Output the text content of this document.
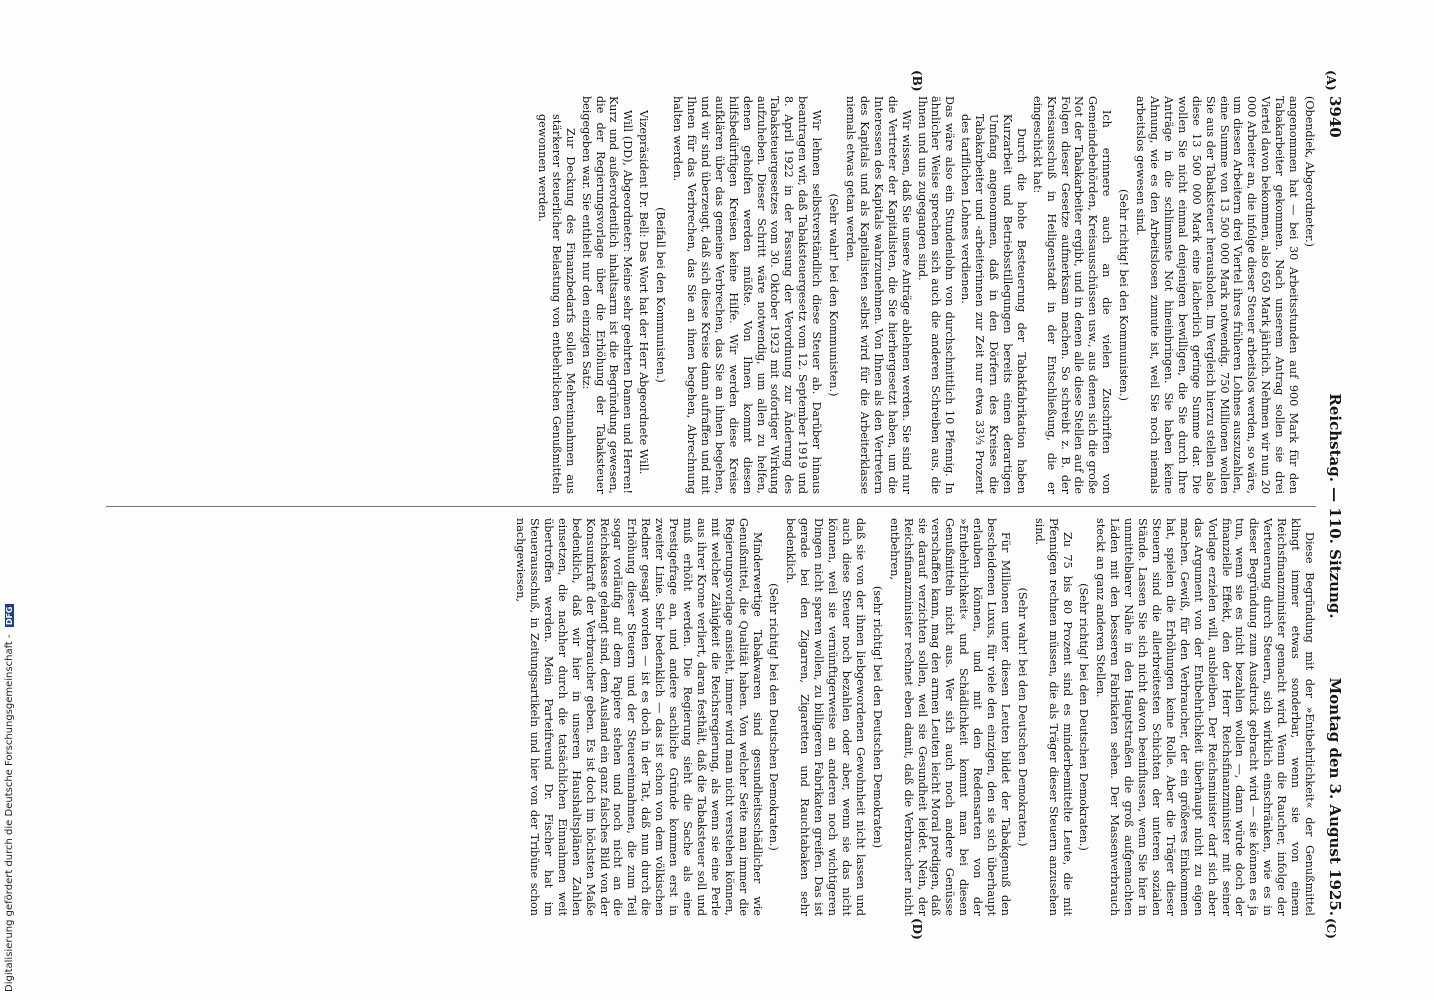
3940
Reichstag. — 110. Sitzung.
Montag den 3. August 1925.
(A)
(B)
(C)
(D)

(Obendiek, Abgeordneter.)

angenommen hat — bei 30 Arbeitsstunden auf 900 Mark für den Tabakarbeiter gekommen. Nach unserem Antrag sollen sie drei Viertel davon bekommen, also 650 Mark jährlich. Nehmen wir nun 20 000 Arbeiter an, die infolge dieser Steuer arbeitslos werden, so wäre, um diesen Arbeitern drei Viertel ihres früheren Lohnes auszuzahlen, eine Summe von 13 500 000 Mark notwendig. 750 Millionen wollen Sie aus der Tabaksteuer herausholen. Im Vergleich hierzu stellen also diese 13 500 000 Mark eine lächerlich geringe Summe dar. Die wollen Sie nicht einmal denjenigen bewilligen, die Sie durch Ihre Anträge in die schlimmste Not hineinbringen. Sie haben keine Ahnung, wie es den Arbeitslosen zumute ist, weil Sie noch niemals arbeitslos gewesen sind.

(Sehr richtig! bei den Kommunisten.)

Ich erinnere auch an die vielen Zuschriften von Gemeindebehörden, Kreisausschüssen usw., aus denen sich die große Not der Tabakarbeiter ergibt, und in denen alle diese Stellen auf die Folgen dieser Gesetze aufmerksam machen. So schreibt z. B. der Kreisausschuß in Heiligenstadt in der Entschließung, die er eingeschickt hat:

Durch die hohe Besteuerung der Tabakfabrikation haben Kurzarbeit und Betriebsstillegungen bereits einen derartigen Umfang angenommen, daß in den Dörfern des Kreises die Tabakarbeiter und -arbeiterinnen zur Zeit nur etwa 33⅓ Prozent des tariflichen Lohnes verdienen.

Das wäre also ein Stundenlohn von durchschnittlich 10 Pfennig. In ähnlicher Weise sprechen sich auch die anderen Schreiben aus, die Ihnen und uns zugegangen sind.

Wir wissen, daß Sie unsere Anträge ablehnen werden. Sie sind nur die Vertreter der Kapitalisten, die Sie hierhergesetzt haben, um die Interessen des Kapitals wahrzunehmen. Von Ihnen als den Vertretern des Kapitals und als Kapitalisten selbst wird für die Arbeiterklasse niemals etwas getan werden.

(Sehr wahr! bei den Kommunisten.)

Wir lehnen selbstverständlich diese Steuer ab. Darüber hinaus beantragen wir, daß Tabaksteuergesetz vom 12. September 1919 und 8. April 1922 in der Fassung der Verordnung zur Änderung des Tabaksteuergesetzes vom 30. Oktober 1923 mit sofortiger Wirkung aufzuheben. Dieser Schritt wäre notwendig, um allen zu helfen, denen geholfen werden müßte. Von Ihnen kommt diesen hilfsbedürftigen Kreisen keine Hilfe. Wir werden diese Kreise aufklären über das gemeine Verbrechen, das Sie an ihnen begehen, und wir sind überzeugt, daß sich diese Kreise dann aufraffen und mit Ihnen für das Verbrechen, das Sie an ihnen begehen, Abrechnung halten werden.

(Beifall bei den Kommunisten.)

Vizepräsident Dr. Bell: Das Wort hat der Herr Abgeordnete Will.

Will (DD), Abgeordneter: Meine sehr geehrten Damen und Herren! Kurz und außerordentlich inhaltsarm ist die Begründung gewesen, die der Regierungsvorlage über die Erhöhung der Tabaksteuer beigegeben war. Sie enthielt nur den einzigen Satz:

Zur Deckung des Finanzbedarfs sollen Mehreinnahmen aus stärkerer steuerlicher Belastung von entbehrlichen Genußmitteln gewonnen werden.

Diese Begründung mit der »Entbehrlichkeit« der Genußmittel klingt immer etwas sonderbar, wenn sie von einem Reichsfinanzminister gemacht wird. Wenn die Raucher, infolge der Verteuerung durch Steuern, sich wirklich einschränken, wie es in dieser Begründung zum Ausdruck gebracht wird — sie können es ja tun, wenn sie es nicht bezahlen wollen —, dann würde doch der finanzielle Effekt, den der Herr Reichsfinanzminister mit seiner Vorlage erzielen will, ausbleiben. Der Reichsminister darf sich aber das Argument von der Entbehrlichkeit überhaupt nicht zu eigen machen. Gewiß, für den Verbraucher, der ein größeres Einkommen hat, spielen die Erhöhungen keine Rolle. Aber die Träger dieser Steuern sind die allerbreitesten Schichten der unteren sozialen Stände. Lassen Sie sich nicht davon beeinflussen, wenn Sie hier in unmittelbarer Nähe in den Hauptstraßen die groß aufgemachten Läden mit den besseren Fabrikaten sehen. Der Massenverbrauch steckt an ganz anderen Stellen.

(Sehr richtig! bei den Deutschen Demokraten.)

Zu 75 bis 80 Prozent sind es minderbemittelte Leute, die mit Pfennigen rechnen müssen, die als Träger dieser Steuern anzusehen sind.

(Sehr wahr! bei den Deutschen Demokraten.)

Für Millionen unter diesen Leuten bildet der Tabakgenuß den bescheidenen Luxus, für viele den einzigen, den sie sich überhaupt erlauben können, und mit den Redensarten von der »Entbehrlichkeit« und Schädlichkeit kommt man bei diesen Genußmitteln nicht aus. Wer sich auch noch andere Genüsse verschaffen kann, mag den armen Leuten leicht Moral predigen, daß sie darauf verzichten sollen, weil sie Gesundheit leidet. Nein, der Reichsfinanzminister rechnet eben damit, daß die Verbraucher nicht entbehren,

(sehr richtig! bei den Deutschen Demokraten)

daß sie von der ihnen liebgewordenen Gewohnheit nicht lassen und auch diese Steuer noch bezahlen oder aber, wenn sie das nicht können, weil sie vernünftigerweise an anderen noch wichtigeren Dingen nicht sparen wollen, zu billigeren Fabrikaten greifen. Das ist gerade bei den Zigarren, Zigaretten und Rauchtabaken sehr bedenklich.

(Sehr richtig! bei den Deutschen Demokraten.)

Minderwertige Tabakwaren sind gesundheitsschädlicher wie Genußmittel, die Qualität haben. Von welcher Seite man immer die Regierungsvorlage ansieht, immer wird man nicht verstehen können, mit welcher Zähigkeit die Reichsregierung, als wenn sie eine Perle aus ihrer Krone verliert, daran festhält, daß die Tabaksteuer soll und muß erhöht werden. Die Regierung sieht die Sache als eine Prestigefrage an, und andere sachliche Gründe kommen erst in zweiter Linie. Sehr bedenklich — das ist schon von dem völkischen Redner gesagt worden — ist es doch in der Tat, daß nun durch die Erhöhung dieser Steuern und der Steuereinnahmen, die zum Teil sogar vorläufig auf dem Papiere stehen und noch nicht an die Reichskasse gelangt sind, dem Ausland ein ganz falsches Bild von der Konsumkraft der Verbraucher geben. Es ist doch im höchsten Maße bedenklich, daß wir hier in unseren Haushaltsplänen Zahlen einsetzen, die nachher durch die tatsächlichen Einnahmen weit übertroffen werden. Mein Parteifreund Dr. Fischer hat im Steuerausschuß, in Zeitungsartikeln und hier von der Tribüne schon nachgewiesen,

Digitalisierung gefördert durch die Deutsche Forschungsgemeinschaft - DFG
